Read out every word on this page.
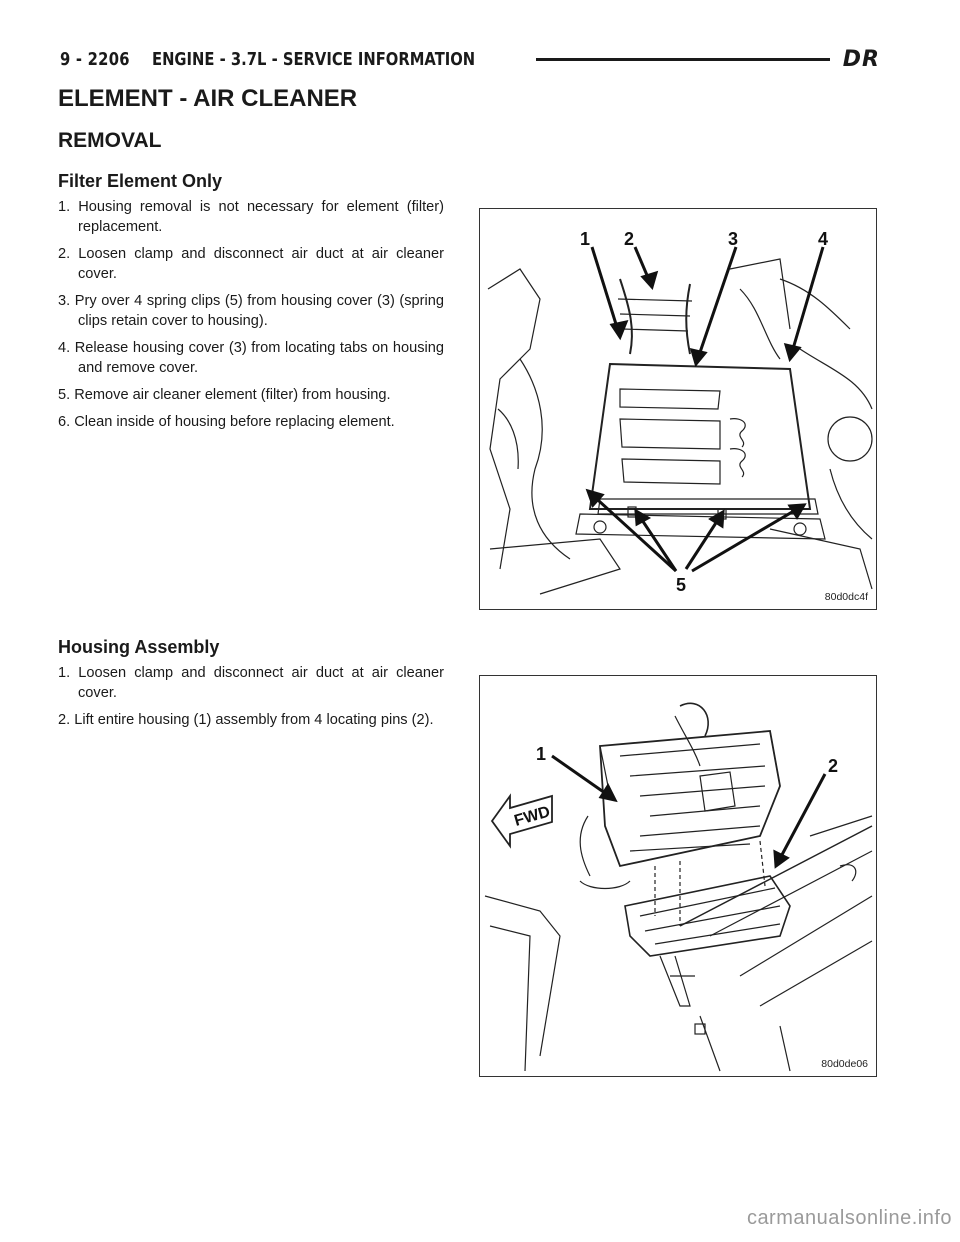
9 - 2206 ENGINE - 3.7L - SERVICE INFORMATION	DR
ELEMENT - AIR CLEANER
REMOVAL
Filter Element Only
1. Housing removal is not necessary for element (filter) replacement.
2. Loosen clamp and disconnect air duct at air cleaner cover.
3. Pry over 4 spring clips (5) from housing cover (3) (spring clips retain cover to housing).
4. Release housing cover (3) from locating tabs on housing and remove cover.
5. Remove air cleaner element (filter) from housing.
6. Clean inside of housing before replacing element.
1 2	3	4
5
80d0dc4f
Housing Assembly
1. Loosen clamp and disconnect air duct at air cleaner cover.
2. Lift entire housing (1) assembly from 4 locating pins (2).
FWD
1
2
80d0de06
carmanualsonline.info
